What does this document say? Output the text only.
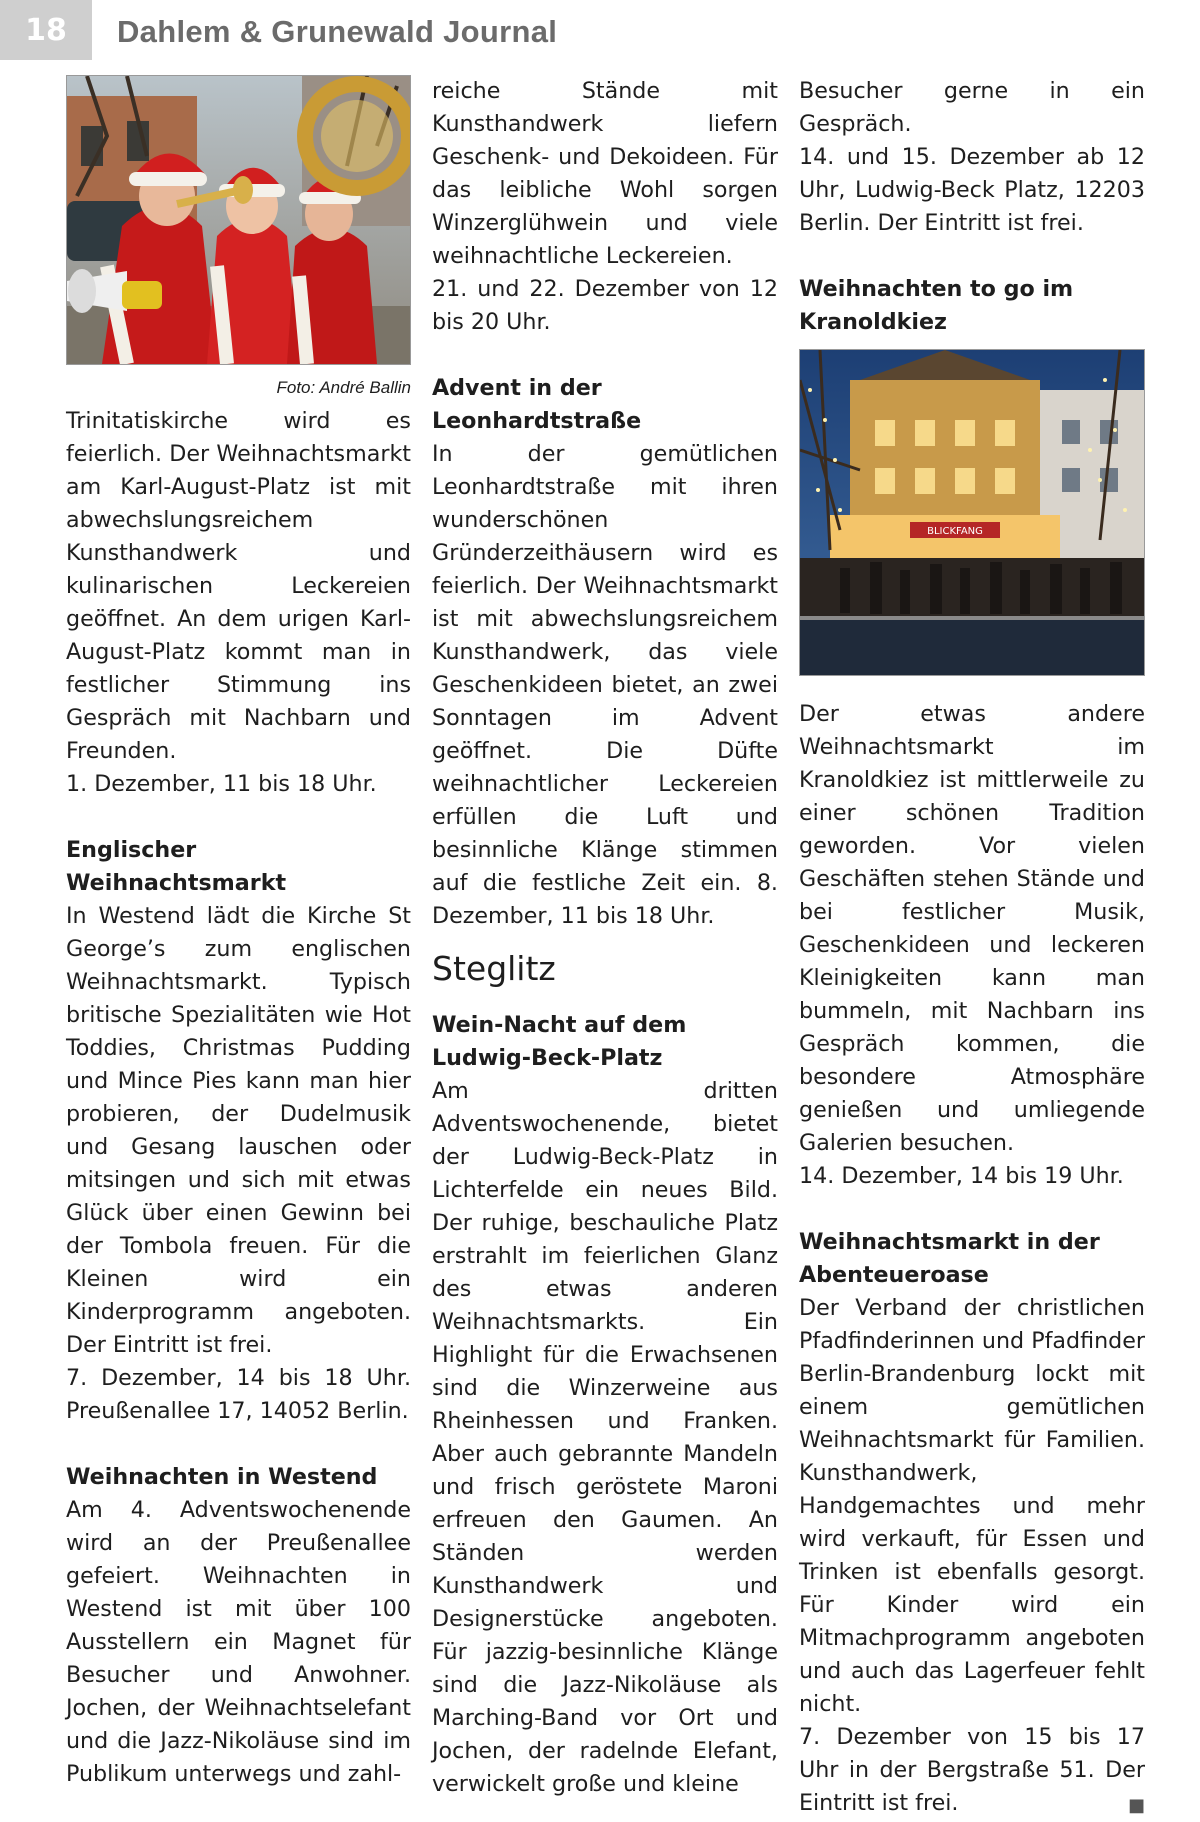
18	Dahlem & Grunewald Journal
Foto: André Ballin

Trinitatiskirche wird es feierlich. Der Weihnachtsmarkt am Karl-August-Platz ist mit abwechslungsreichem Kunsthandwerk und kulinarischen Leckereien geöffnet. An dem urigen Karl-August-Platz kommt man in festlicher Stimmung ins Gespräch mit Nachbarn und Freunden.

1. Dezember, 11 bis 18 Uhr.

Englischer Weihnachtsmarkt

In Westend lädt die Kirche St George’s zum englischen Weihnachtsmarkt. Typisch britische Spezialitäten wie Hot Toddies, Christmas Pudding und Mince Pies kann man hier probieren, der Dudelmusik und Gesang lauschen oder mitsingen und sich mit etwas Glück über einen Gewinn bei der Tombola freuen. Für die Kleinen wird ein Kinderprogramm angeboten. Der Eintritt ist frei.

7. Dezember, 14 bis 18 Uhr. Preußenallee 17, 14052 Berlin.

Weihnachten in Westend

Am 4. Adventswochenende wird an der Preußenallee gefeiert. Weihnachten in Westend ist mit über 100 Ausstellern ein Magnet für Besucher und Anwohner. Jochen, der Weihnachtselefant und die Jazz-Nikoläuse sind im Publikum unterwegs und zahl-

reiche Stände mit Kunsthandwerk liefern Geschenk- und Dekoideen. Für das leibliche Wohl sorgen Winzerglühwein und viele weihnachtliche Leckereien.

21. und 22. Dezember von 12 bis 20 Uhr.

Advent in der Leonhardtstraße

In der gemütlichen Leonhardtstraße mit ihren wunderschönen Gründerzeithäusern wird es feierlich. Der Weihnachtsmarkt ist mit abwechslungsreichem Kunsthandwerk, das viele Geschenkideen bietet, an zwei Sonntagen im Advent geöffnet. Die Düfte weihnachtlicher Leckereien erfüllen die Luft und besinnliche Klänge stimmen auf die festliche Zeit ein. 8. Dezember, 11 bis 18 Uhr.

Steglitz
Wein-Nacht auf dem Ludwig-Beck-Platz

Am dritten Adventswochenende, bietet der Ludwig-Beck-Platz in Lichterfelde ein neues Bild. Der ruhige, beschauliche Platz erstrahlt im feierlichen Glanz des etwas anderen Weihnachtsmarkts. Ein Highlight für die Erwachsenen sind die Winzerweine aus Rheinhessen und Franken. Aber auch gebrannte Mandeln und frisch geröstete Maroni erfreuen den Gaumen. An Ständen werden Kunsthandwerk und Designerstücke angeboten. Für jazzig-besinnliche Klänge sind die Jazz-Nikoläuse als Marching-Band vor Ort und Jochen, der radelnde Elefant, verwickelt große und kleine

Besucher gerne in ein Gespräch.

14. und 15. Dezember ab 12 Uhr, Ludwig-Beck Platz, 12203 Berlin. Der Eintritt ist frei.

Weihnachten to go im Kranoldkiez
BLICKFANG

Der etwas andere Weihnachtsmarkt im Kranoldkiez ist mittlerweile zu einer schönen Tradition geworden. Vor vielen Geschäften stehen Stände und bei festlicher Musik, Geschenkideen und leckeren Kleinigkeiten kann man bummeln, mit Nachbarn ins Gespräch kommen, die besondere Atmosphäre genießen und umliegende Galerien besuchen.

14. Dezember, 14 bis 19 Uhr.

Weihnachtsmarkt in der Abenteueroase

Der Verband der christlichen Pfadfinderinnen und Pfadfinder Berlin-Brandenburg lockt mit einem gemütlichen Weihnachtsmarkt für Familien. Kunsthandwerk, Handgemachtes und mehr wird verkauft, für Essen und Trinken ist ebenfalls gesorgt. Für Kinder wird ein Mitmachprogramm angeboten und auch das Lagerfeuer fehlt nicht.

7. Dezember von 15 bis 17 Uhr in der Bergstraße 51. Der Eintritt ist frei.	■
